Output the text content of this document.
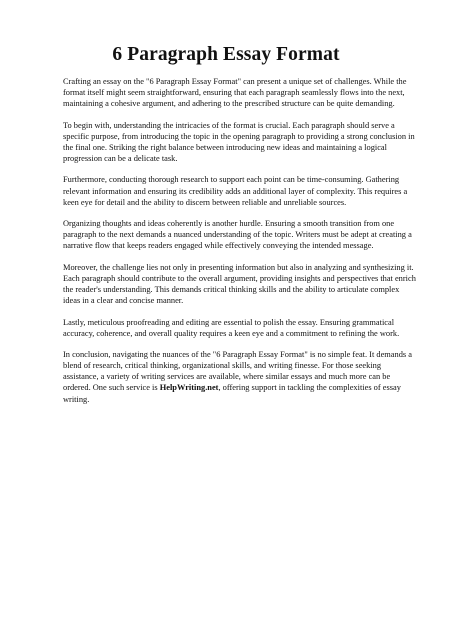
6 Paragraph Essay Format

Crafting an essay on the "6 Paragraph Essay Format" can present a unique set of challenges. While the format itself might seem straightforward, ensuring that each paragraph seamlessly flows into the next, maintaining a cohesive argument, and adhering to the prescribed structure can be quite demanding.

To begin with, understanding the intricacies of the format is crucial. Each paragraph should serve a specific purpose, from introducing the topic in the opening paragraph to providing a strong conclusion in the final one. Striking the right balance between introducing new ideas and maintaining a logical progression can be a delicate task.

Furthermore, conducting thorough research to support each point can be time-consuming. Gathering relevant information and ensuring its credibility adds an additional layer of complexity. This requires a keen eye for detail and the ability to discern between reliable and unreliable sources.

Organizing thoughts and ideas coherently is another hurdle. Ensuring a smooth transition from one paragraph to the next demands a nuanced understanding of the topic. Writers must be adept at creating a narrative flow that keeps readers engaged while effectively conveying the intended message.

Moreover, the challenge lies not only in presenting information but also in analyzing and synthesizing it. Each paragraph should contribute to the overall argument, providing insights and perspectives that enrich the reader's understanding. This demands critical thinking skills and the ability to articulate complex ideas in a clear and concise manner.

Lastly, meticulous proofreading and editing are essential to polish the essay. Ensuring grammatical accuracy, coherence, and overall quality requires a keen eye and a commitment to refining the work.

In conclusion, navigating the nuances of the "6 Paragraph Essay Format" is no simple feat. It demands a blend of research, critical thinking, organizational skills, and writing finesse. For those seeking assistance, a variety of writing services are available, where similar essays and much more can be ordered. One such service is HelpWriting.net, offering support in tackling the complexities of essay writing.
